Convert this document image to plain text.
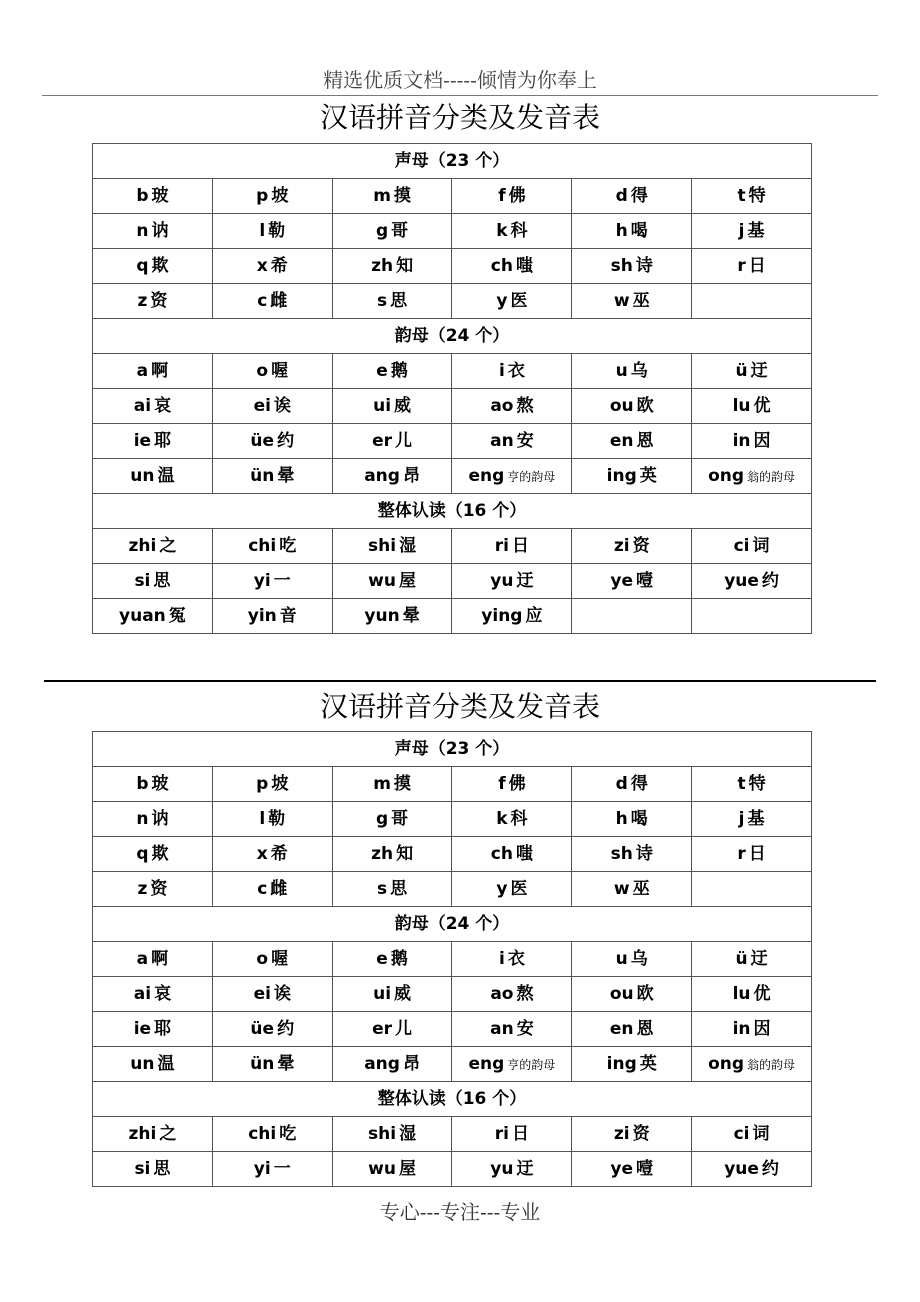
精选优质文档-----倾情为你奉上
汉语拼音分类及发音表
声母（23 个）					
b 玻	p 坡	m 摸	f 佛	d 得	t 特
n 讷	l 勒	g 哥	k 科	h 喝	j 基
q 欺	x 希	zh 知	ch 嗤	sh 诗	r 日
z 资	c 雌	s 思	y 医	w 巫	
韵母（24 个）					
a 啊	o 喔	e 鹅	i 衣	u 乌	ü 迂
ai 哀	ei 诶	ui 威	ao 熬	ou 欧	lu 优
ie 耶	üe 约	er 儿	an 安	en 恩	in 因
un 温	ün 晕	ang 昂	eng 亨的韵母	ing 英	ong 翁的韵母
整体认读（16 个）					
zhi 之	chi 吃	shi 湿	ri 日	zi 资	ci 词
si 思	yi 一	wu 屋	yu 迂	ye 噎	yue 约
yuan 冤	yin 音	yun 晕	ying 应		
汉语拼音分类及发音表
声母（23 个）					
b 玻	p 坡	m 摸	f 佛	d 得	t 特
n 讷	l 勒	g 哥	k 科	h 喝	j 基
q 欺	x 希	zh 知	ch 嗤	sh 诗	r 日
z 资	c 雌	s 思	y 医	w 巫	
韵母（24 个）					
a 啊	o 喔	e 鹅	i 衣	u 乌	ü 迂
ai 哀	ei 诶	ui 威	ao 熬	ou 欧	lu 优
ie 耶	üe 约	er 儿	an 安	en 恩	in 因
un 温	ün 晕	ang 昂	eng 亨的韵母	ing 英	ong 翁的韵母
整体认读（16 个）					
zhi 之	chi 吃	shi 湿	ri 日	zi 资	ci 词
si 思	yi 一	wu 屋	yu 迂	ye 噎	yue 约
专心---专注---专业
